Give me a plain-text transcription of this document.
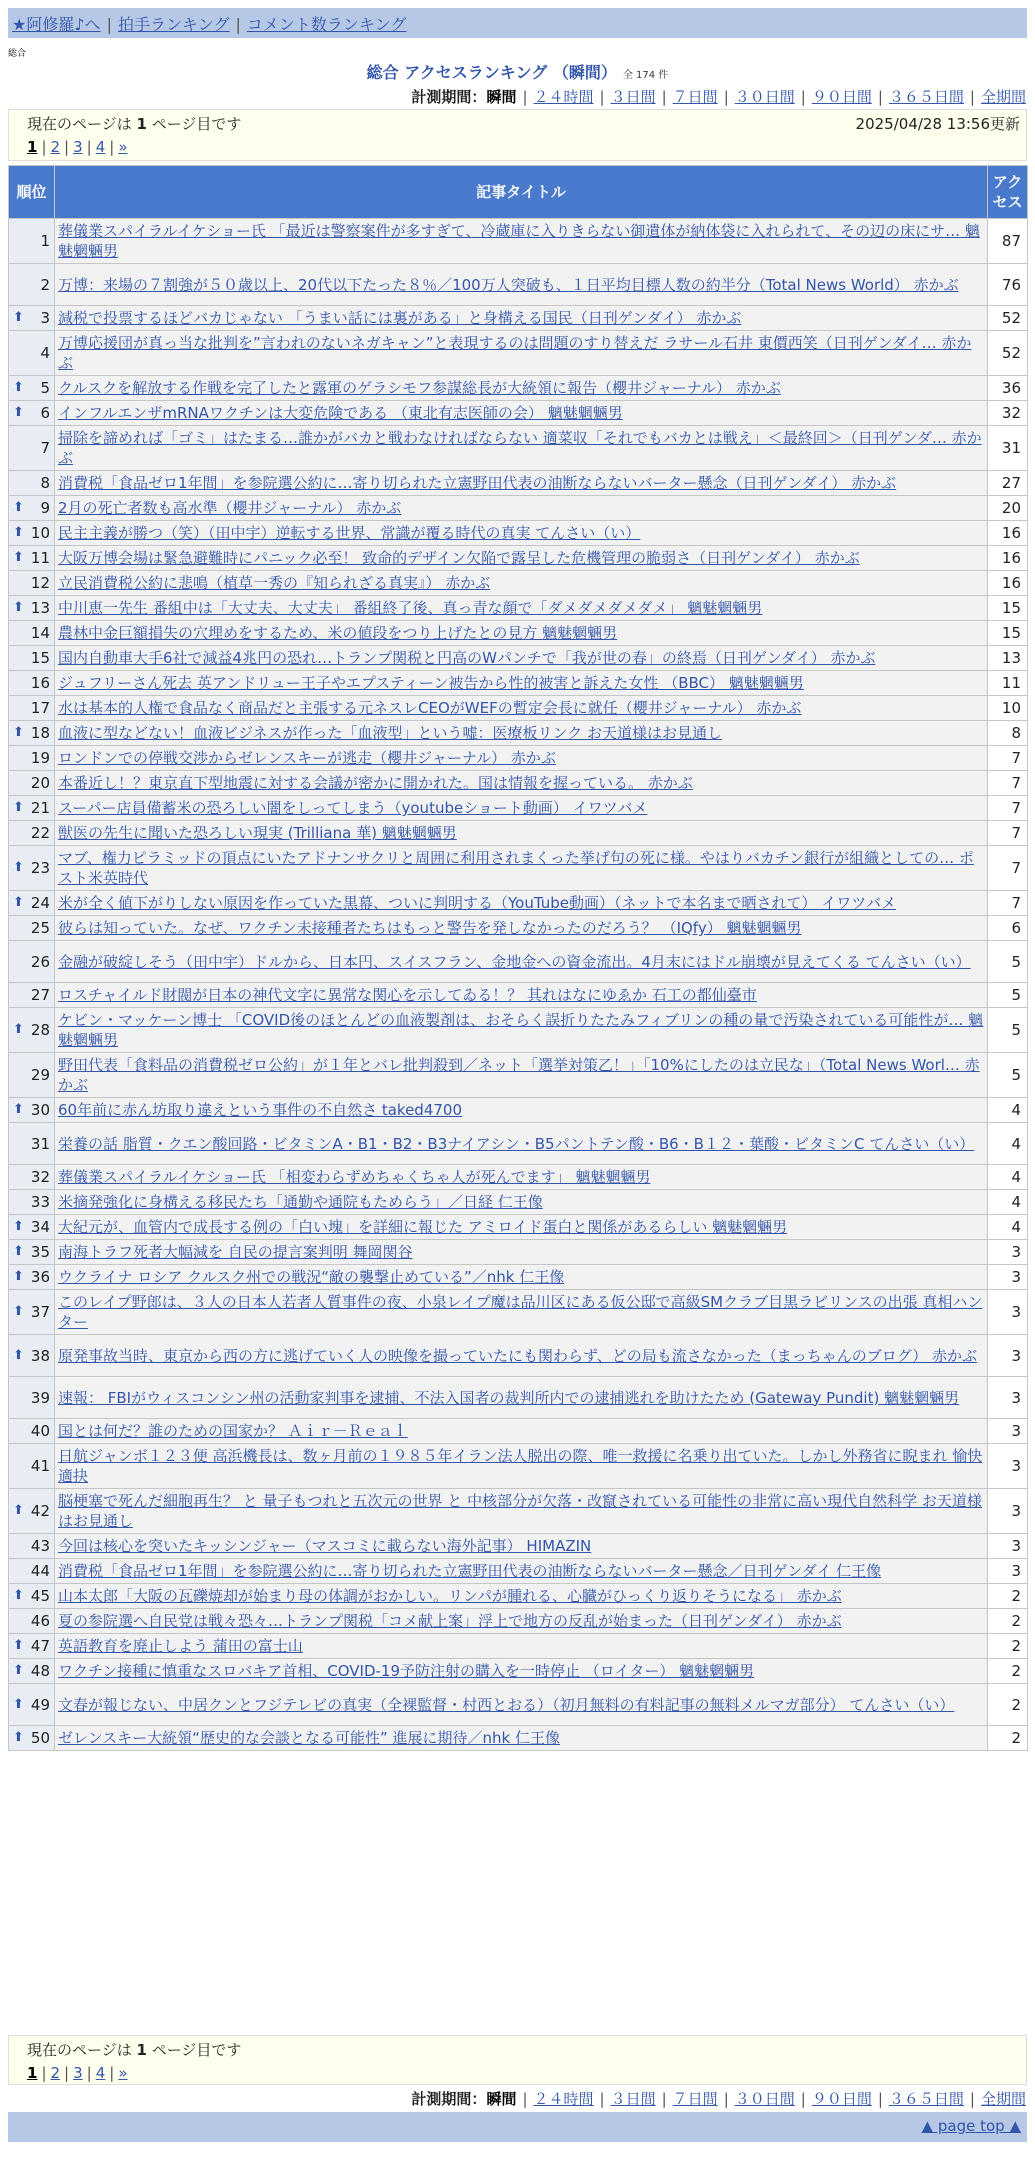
★阿修羅♪へ | 拍手ランキング | コメント数ランキング
総合
総合 アクセスランキング （瞬間） 全 174 件
計測期間：瞬間 | ２４時間 | ３日間 | ７日間 | ３０日間 | ９０日間 | ３６５日間 | 全期間
現在のページは 1 ページ目です	2025/04/28 13:56更新
1 | 2 | 3 | 4 | »
順位	記事タイトル	アクセス
1	葬儀業スパイラルイケショー氏 「最近は警察案件が多すぎて、冷蔵庫に入りきらない御遺体が納体袋に入れられて、その辺の床にサ… 魑魅魍魎男	87
2	万博：来場の７割強が５０歳以上、20代以下たった８％／100万人突破も、１日平均目標人数の約半分（Total News World） 赤かぶ	76

⬆ 3	減税で投票するほどバカじゃない 「うまい話には裏がある」と身構える国民（日刊ゲンダイ） 赤かぶ	52
4	万博応援団が真っ当な批判を”言われのないネガキャン”と表現するのは問題のすり替えだ ラサール石井 東價西笑（日刊ゲンダイ… 赤かぶ	52

⬆ 5	クルスクを解放する作戦を完了したと露軍のゲラシモフ参謀総長が大統領に報告（櫻井ジャーナル） 赤かぶ	36

⬆ 6	インフルエンザmRNAワクチンは大変危険である （東北有志医師の会） 魑魅魍魎男	32
7	掃除を諦めれば「ゴミ」はたまる…誰かがバカと戦わなければならない 適菜収「それでもバカとは戦え」＜最終回＞（日刊ゲンダ… 赤かぶ	31
8	消費税「食品ゼロ1年間」を参院選公約に…寄り切られた立憲野田代表の油断ならないバーター懸念（日刊ゲンダイ） 赤かぶ	27

⬆ 9	2月の死亡者数も高水準（櫻井ジャーナル） 赤かぶ	20

⬆ 10	民主主義が勝つ（笑）（田中宇）逆転する世界、常識が覆る時代の真実 てんさい（い）	16

⬆ 11	大阪万博会場は緊急避難時にパニック必至！ 致命的デザイン欠陥で露呈した危機管理の脆弱さ（日刊ゲンダイ） 赤かぶ	16
12	立民消費税公約に悲鳴（植草一秀の『知られざる真実』） 赤かぶ	16

⬆ 13	中川恵一先生 番組中は「大丈夫、大丈夫」 番組終了後、真っ青な顔で「ダメダメダメダメ」 魑魅魍魎男	15
14	農林中金巨額損失の穴埋めをするため、米の値段をつり上げたとの見方 魑魅魍魎男	15
15	国内自動車大手6社で減益4兆円の恐れ…トランプ関税と円高のWパンチで「我が世の春」の終焉（日刊ゲンダイ） 赤かぶ	13
16	ジュフリーさん死去 英アンドリュー王子やエプスティーン被告から性的被害と訴えた女性 （BBC） 魑魅魍魎男	11
17	水は基本的人権で食品なく商品だと主張する元ネスレCEOがWEFの暫定会長に就任（櫻井ジャーナル） 赤かぶ	10

⬆ 18	血液に型などない！血液ビジネスが作った「血液型」という嘘：医療板リンク お天道様はお見通し	8
19	ロンドンでの停戦交渉からゼレンスキーが逃走（櫻井ジャーナル） 赤かぶ	7
20	本番近し！？東京直下型地震に対する会議が密かに開かれた。国は情報を握っている。 赤かぶ	7

⬆ 21	スーパー店員備蓄米の恐ろしい闇をしってしまう（youtubeショート動画） イワツバメ	7
22	獣医の先生に聞いた恐ろしい現実 (Trilliana 華) 魑魅魍魎男	7

⬆ 23	マブ、権力ピラミッドの頂点にいたアドナンサクリと周囲に利用されまくった挙げ句の死に様。やはりバカチン銀行が組織としての… ポスト米英時代	7

⬆ 24	米が全く値下がりしない原因を作っていた黒幕、ついに判明する（YouTube動画）（ネットで本名まで晒されて） イワツバメ	7
25	彼らは知っていた。なぜ、ワクチン未接種者たちはもっと警告を発しなかったのだろう？ （IQfy） 魑魅魍魎男	6
26	金融が破綻しそう（田中宇）ドルから、日本円、スイスフラン、金地金への資金流出。4月末にはドル崩壊が見えてくる てんさい（い）	5
27	ロスチャイルド財閥が日本の神代文字に異常な関心を示してゐる！？ 其れはなにゆゑか 石工の都仙臺市	5

⬆ 28	ケビン・マッケーン博士 「COVID後のほとんどの血液製剤は、おそらく誤折りたたみフィブリンの種の量で汚染されている可能性が… 魑魅魍魎男	5
29	野田代表「食料品の消費税ゼロ公約」が１年とバレ批判殺到／ネット「選挙対策乙！」「10%にしたのは立民な」（Total News Worl… 赤かぶ	5

⬆ 30	60年前に赤ん坊取り違えという事件の不自然さ taked4700	4
31	栄養の話 脂質・クエン酸回路・ビタミンA・B1・B2・B3ナイアシン・B5パントテン酸・B6・B１２・葉酸・ビタミンC てんさい（い）	4
32	葬儀業スパイラルイケショー氏 「相変わらずめちゃくちゃ人が死んでます」 魑魅魍魎男	4
33	米摘発強化に身構える移民たち「通勤や通院もためらう」／日経 仁王像	4

⬆ 34	大紀元が、血管内で成長する例の「白い塊」を詳細に報じた アミロイド蛋白と関係があるらしい 魑魅魍魎男	4

⬆ 35	南海トラフ死者大幅減を 自民の提言案判明 舞岡関谷	3

⬆ 36	ウクライナ ロシア クルスク州での戦況“敵の襲撃止めている”／nhk 仁王像	3

⬆ 37	このレイプ野郎は、３人の日本人若者人質事件の夜、小泉レイプ魔は品川区にある仮公邸で高級SMクラブ目黒ラビリンスの出張 真相ハンター	3

⬆ 38	原発事故当時、東京から西の方に逃げていく人の映像を撮っていたにも関わらず、どの局も流さなかった（まっちゃんのブログ） 赤かぶ	3
39	速報： FBIがウィスコンシン州の活動家判事を逮捕、不法入国者の裁判所内での逮捕逃れを助けたため (Gateway Pundit) 魑魅魍魎男	3
40	国とは何だ？誰のための国家か？ Ａｉｒ－Ｒｅａｌ	3
41	日航ジャンボ１２３便 高浜機長は、数ヶ月前の１９８５年イラン法人脱出の際、唯一救援に名乗り出ていた。しかし外務省に睨まれ 愉快適抉	3

⬆ 42	脳梗塞で死んだ細胞再生？ と 量子もつれと五次元の世界 と 中核部分が欠落・改竄されている可能性の非常に高い現代自然科学 お天道様はお見通し	3
43	今回は核心を突いたキッシンジャー（マスコミに載らない海外記事） HIMAZIN	3
44	消費税「食品ゼロ1年間」を参院選公約に…寄り切られた立憲野田代表の油断ならないバーター懸念／日刊ゲンダイ 仁王像	3

⬆ 45	山本太郎「大阪の瓦礫焼却が始まり母の体調がおかしい。リンパが腫れる、心臓がひっくり返りそうになる」 赤かぶ	2
46	夏の参院選へ自民党は戦々恐々…トランプ関税「コメ献上案」浮上で地方の反乱が始まった（日刊ゲンダイ） 赤かぶ	2

⬆ 47	英語教育を廃止しよう 蒲田の富士山	2

⬆ 48	ワクチン接種に慎重なスロバキア首相、COVID-19予防注射の購入を一時停止 （ロイター） 魑魅魍魎男	2

⬆ 49	文春が報じない、中居クンとフジテレビの真実（全裸監督・村西とおる）（初月無料の有料記事の無料メルマガ部分） てんさい（い）	2

⬆ 50	ゼレンスキー大統領“歴史的な会談となる可能性” 進展に期待／nhk 仁王像	2
現在のページは 1 ページ目です
1 | 2 | 3 | 4 | »
計測期間：瞬間 | ２４時間 | ３日間 | ７日間 | ３０日間 | ９０日間 | ３６５日間 | 全期間
▲ page top ▲
